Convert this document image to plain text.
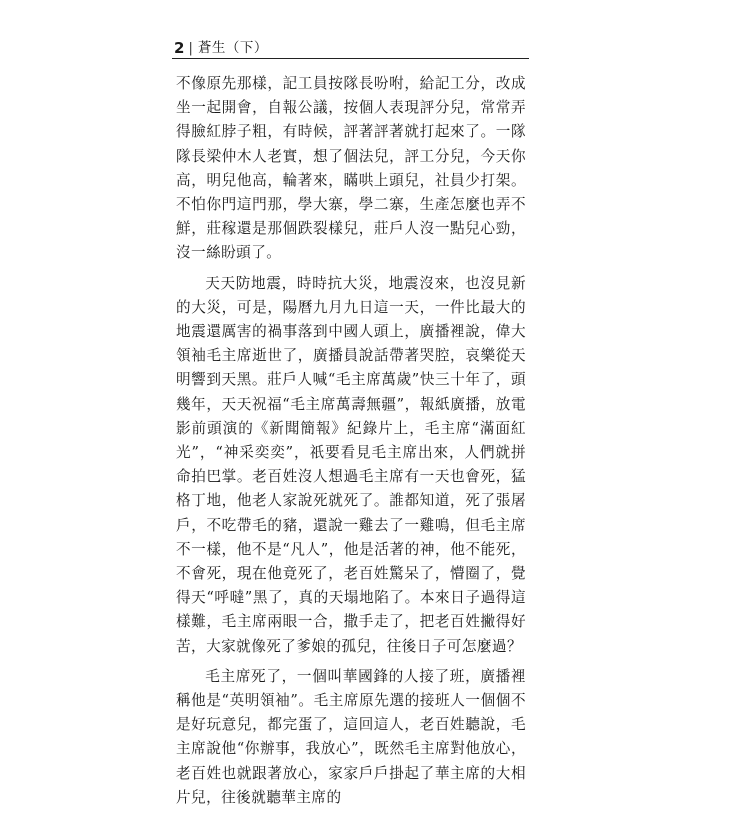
2 | 蒼生（下）

不像原先那樣，記工員按隊長吩咐，給記工分，改成坐一起開會，自報公議，按個人表現評分兒，常常弄得臉紅脖子粗，有時候，評著評著就打起來了。一隊隊長梁仲木人老實，想了個法兒，評工分兒，今天你高，明兒他高，輪著來，瞞哄上頭兒，社員少打架。不怕你門這門那，學大寨，學二寨，生產怎麼也弄不鮮，莊稼還是那個跌裂樣兒，莊戶人沒一點兒心勁，沒一絲盼頭了。

天天防地震，時時抗大災，地震沒來，也沒見新的大災，可是，陽曆九月九日這一天，一件比最大的地震還厲害的禍事落到中國人頭上，廣播裡說，偉大領袖毛主席逝世了，廣播員說話帶著哭腔，哀樂從天明響到天黑。莊戶人喊“毛主席萬歲”快三十年了，頭幾年，天天祝福“毛主席萬壽無疆”，報紙廣播，放電影前頭演的《新聞簡報》紀錄片上，毛主席“滿面紅光”，“神采奕奕”，祇要看見毛主席出來，人們就拼命拍巴掌。老百姓沒人想過毛主席有一天也會死，猛格丁地，他老人家說死就死了。誰都知道，死了張屠戶，不吃帶毛的豬，還說一雞去了一雞鳴，但毛主席不一樣，他不是“凡人”，他是活著的神，他不能死，不會死，現在他竟死了，老百姓驚呆了，懵圈了，覺得天“呼噠”黑了，真的天塌地陷了。本來日子過得這樣難，毛主席兩眼一合，撒手走了，把老百姓撇得好苦，大家就像死了爹娘的孤兒，往後日子可怎麼過？

毛主席死了，一個叫華國鋒的人接了班，廣播裡稱他是“英明領袖”。毛主席原先選的接班人一個個不是好玩意兒，都完蛋了，這回這人，老百姓聽說，毛主席說他“你辦事，我放心”，既然毛主席對他放心，老百姓也就跟著放心，家家戶戶掛起了華主席的大相片兒，往後就聽華主席的
